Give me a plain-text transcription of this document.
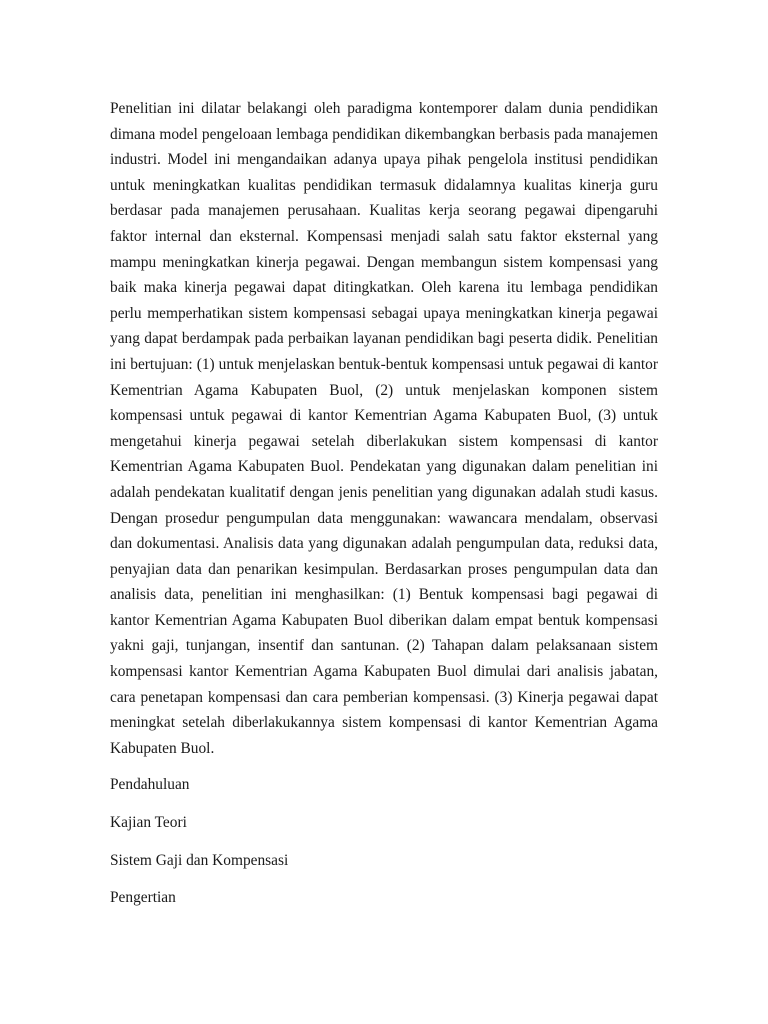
Penelitian ini dilatar belakangi oleh paradigma kontemporer dalam dunia pendidikan dimana model pengeloaan lembaga pendidikan dikembangkan berbasis pada manajemen industri. Model ini mengandaikan adanya upaya pihak pengelola institusi pendidikan untuk meningkatkan kualitas pendidikan termasuk didalamnya kualitas kinerja guru berdasar pada manajemen perusahaan. Kualitas kerja seorang pegawai dipengaruhi faktor internal dan eksternal. Kompensasi menjadi salah satu faktor eksternal yang mampu meningkatkan kinerja pegawai. Dengan membangun sistem kompensasi yang baik maka kinerja pegawai dapat ditingkatkan. Oleh karena itu lembaga pendidikan perlu memperhatikan sistem kompensasi sebagai upaya meningkatkan kinerja pegawai yang dapat berdampak pada perbaikan layanan pendidikan bagi peserta didik. Penelitian ini bertujuan: (1) untuk menjelaskan bentuk-bentuk kompensasi untuk pegawai di kantor Kementrian Agama Kabupaten Buol, (2) untuk menjelaskan komponen sistem kompensasi untuk pegawai di kantor Kementrian Agama Kabupaten Buol, (3) untuk mengetahui kinerja pegawai setelah diberlakukan sistem kompensasi di kantor Kementrian Agama Kabupaten Buol. Pendekatan yang digunakan dalam penelitian ini adalah pendekatan kualitatif dengan jenis penelitian yang digunakan adalah studi kasus. Dengan prosedur pengumpulan data menggunakan: wawancara mendalam, observasi dan dokumentasi. Analisis data yang digunakan adalah pengumpulan data, reduksi data, penyajian data dan penarikan kesimpulan. Berdasarkan proses pengumpulan data dan analisis data, penelitian ini menghasilkan: (1) Bentuk kompensasi bagi pegawai di kantor Kementrian Agama Kabupaten Buol diberikan dalam empat bentuk kompensasi yakni gaji, tunjangan, insentif dan santunan. (2) Tahapan dalam pelaksanaan sistem kompensasi kantor Kementrian Agama Kabupaten Buol dimulai dari analisis jabatan, cara penetapan kompensasi dan cara pemberian kompensasi. (3) Kinerja pegawai dapat meningkat setelah diberlakukannya sistem kompensasi di kantor Kementrian Agama Kabupaten Buol.

Pendahuluan

Kajian Teori

Sistem Gaji dan Kompensasi

Pengertian
